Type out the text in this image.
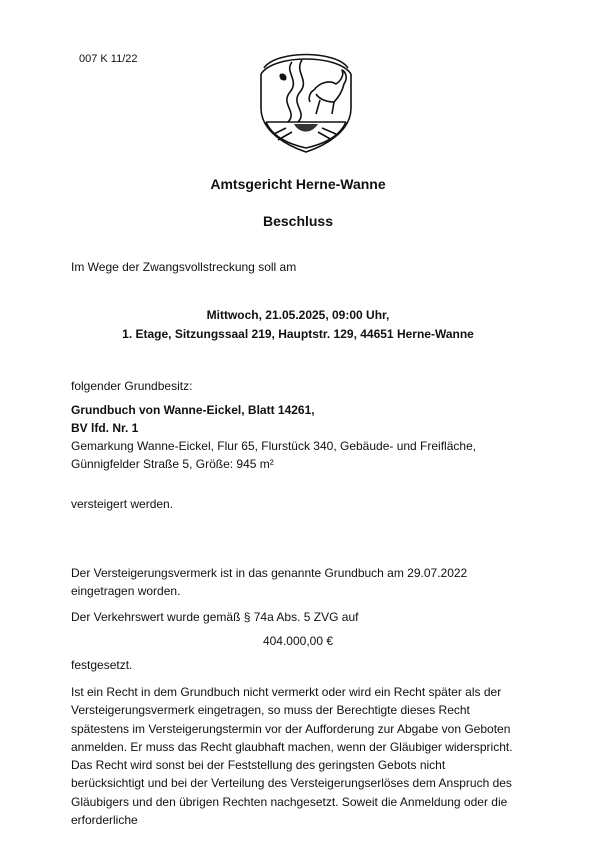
007 K 11/22
Amtsgericht Herne-Wanne
Beschluss
Im Wege der Zwangsvollstreckung soll am
Mittwoch, 21.05.2025, 09:00 Uhr,
1. Etage, Sitzungssaal 219, Hauptstr. 129, 44651 Herne-Wanne
folgender Grundbesitz:
Grundbuch von Wanne-Eickel, Blatt 14261,
BV lfd. Nr. 1
Gemarkung Wanne-Eickel, Flur 65, Flurstück 340, Gebäude- und Freifläche,
Günnigfelder Straße 5, Größe: 945 m²
versteigert werden.
Der Versteigerungsvermerk ist in das genannte Grundbuch am 29.07.2022
eingetragen worden.
Der Verkehrswert wurde gemäß § 74a Abs. 5 ZVG auf
404.000,00 €
festgesetzt.
Ist ein Recht in dem Grundbuch nicht vermerkt oder wird ein Recht später als der Versteigerungsvermerk eingetragen, so muss der Berechtigte dieses Recht spätestens im Versteigerungstermin vor der Aufforderung zur Abgabe von Geboten anmelden. Er muss das Recht glaubhaft machen, wenn der Gläubiger widerspricht. Das Recht wird sonst bei der Feststellung des geringsten Gebots nicht berücksichtigt und bei der Verteilung des Versteigerungserlöses dem Anspruch des Gläubigers und den übrigen Rechten nachgesetzt. Soweit die Anmeldung oder die erforderliche
